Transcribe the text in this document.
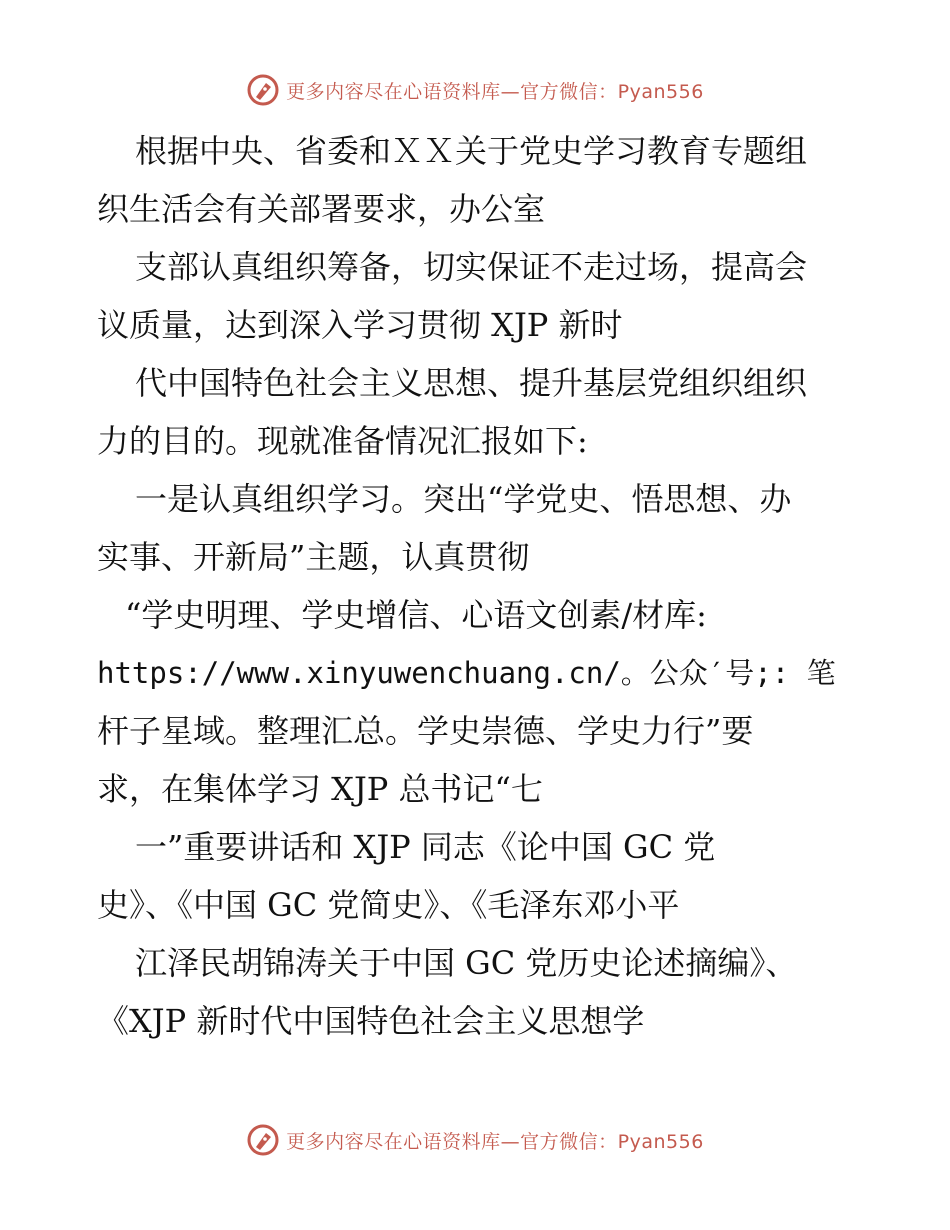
更多内容尽在心语资料库—官方微信：Pyan556
根据中央、省委和ＸＸ关于党史学习教育专题组
织生活会有关部署要求，办公室
支部认真组织筹备，切实保证不走过场，提高会
议质量，达到深入学习贯彻 XJP 新时
代中国特色社会主义思想、提升基层党组织组织
力的目的。现就准备情况汇报如下:
一是认真组织学习。突出“学党史、悟思想、办
实事、开新局”主题，认真贯彻
“学史明理、学史增信、心语文创素/材库:
https://www.xinyuwenchuang.cn/。公众′号;: 笔
杆子星域。整理汇总。学史崇德、学史力行”要
求，在集体学习 XJP 总书记“七
一”重要讲话和 XJP 同志《论中国 GC 党
史》、《中国 GC 党简史》、《毛泽东邓小平
江泽民胡锦涛关于中国 GC 党历史论述摘编》、
《XJP 新时代中国特色社会主义思想学
更多内容尽在心语资料库—官方微信：Pyan556
